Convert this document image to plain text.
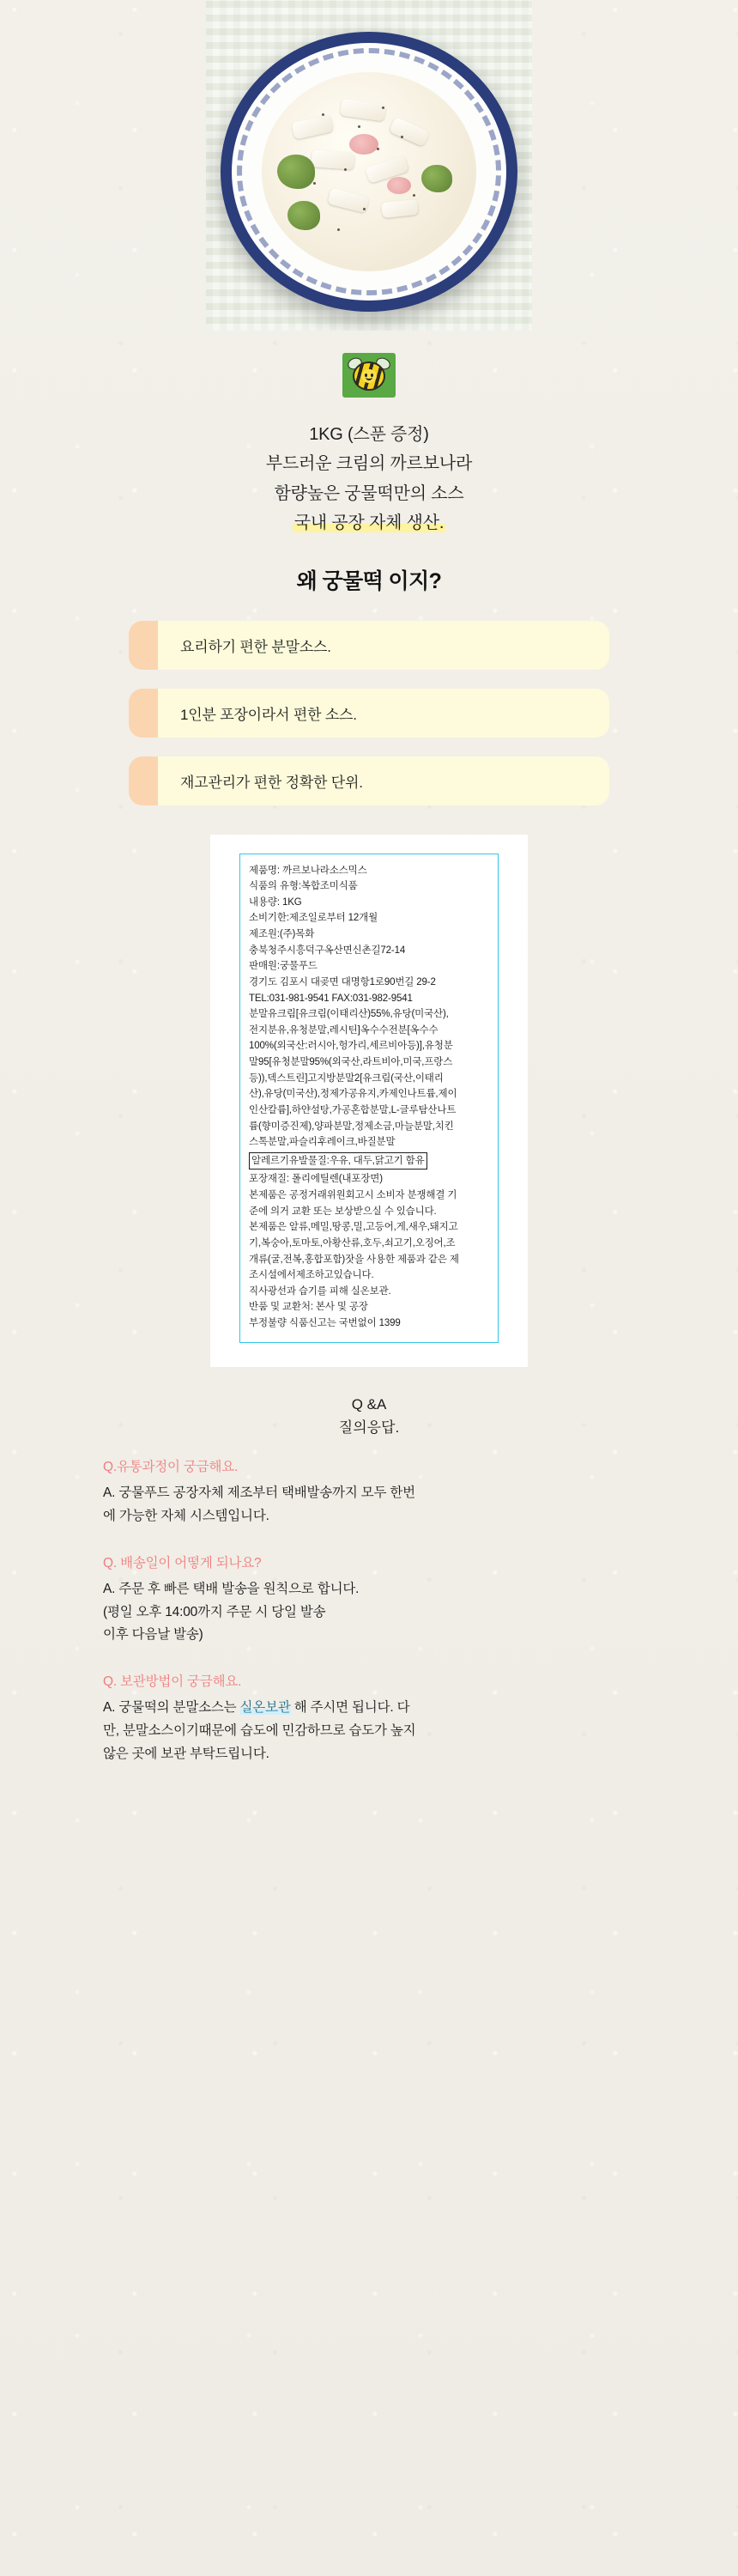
1KG (스푼 증정)
부드러운 크림의 까르보나라
함량높은 궁물떡만의 소스
국내 공장 자체 생산.
왜 궁물떡 이지?
요리하기 편한 분말소스.
1인분 포장이라서 편한 소스.
재고관리가 편한 정확한 단위.

제품명: 까르보나라소스믹스

식품의 유형:복합조미식품

내용량: 1KG

소비기한:제조일로부터 12개월

제조원:(주)목화

충북청주시흥덕구옥산면신촌길72-14

판매원:궁물푸드

경기도 김포시 대곶면 대명항1로90번길 29-2

TEL:031-981-9541 FAX:031-982-9541

분말유크림[유크림(이태리산)55%,유당(미국산),

전지분유,유청분말,레시틴]옥수수전분[옥수수

100%(외국산:러시아,헝가리,세르비아등)],유청분

말95[유청분말95%(외국산,라트비아,미국,프랑스

등)),덱스트린]고지방분말2[유크림(국산,이태리

산),유당(미국산),정제가공유지,카제인나트륨,제이

인산칼륨],하얀설탕,가공혼합분말,L-글루탐산나트

륨(향미증진제),양파분말,정제소금,마늘분말,치킨

스톡분말,파슬리후레이크,바질분말

알레르기유발물질:우유, 대두,닭고기 함유

포장재질: 폴리에틸렌(내포장면)

본제품은 공정거래위원회고시 소비자 분쟁해결 기

준에 의거 교환 또는 보상받으실 수 있습니다.

본제품은 알류,메밀,땅콩,밀,고등어,게,새우,돼지고

기,복숭아,토마토,아황산류,호두,쇠고기,오징어,조

개류(굴,전복,홍합포함)잣을 사용한 제품과 같은 제

조시설에서제조하고있습니다.

직사광선과 습기를 피해 실온보관.

반품 및 교환처: 본사 및 공장

부정불량 식품신고는 국번없이 1399

Q &A
질의응답.

Q.유통과정이 궁금해요.

A. 궁물푸드 공장자체 제조부터 택배발송까지 모두 한번
에 가능한 자체 시스템입니다.

Q. 배송일이 어떻게 되나요?

A. 주문 후 빠른 택배 발송을 원칙으로 합니다.
(평일 오후 14:00까지 주문 시 당일 발송
이후 다음날 발송)

Q. 보관방법이 궁금해요.

A. 궁물떡의 분말소스는 실온보관 해 주시면 됩니다. 다
만, 분말소스이기때문에 습도에 민감하므로 습도가 높지
않은 곳에 보관 부탁드립니다.
